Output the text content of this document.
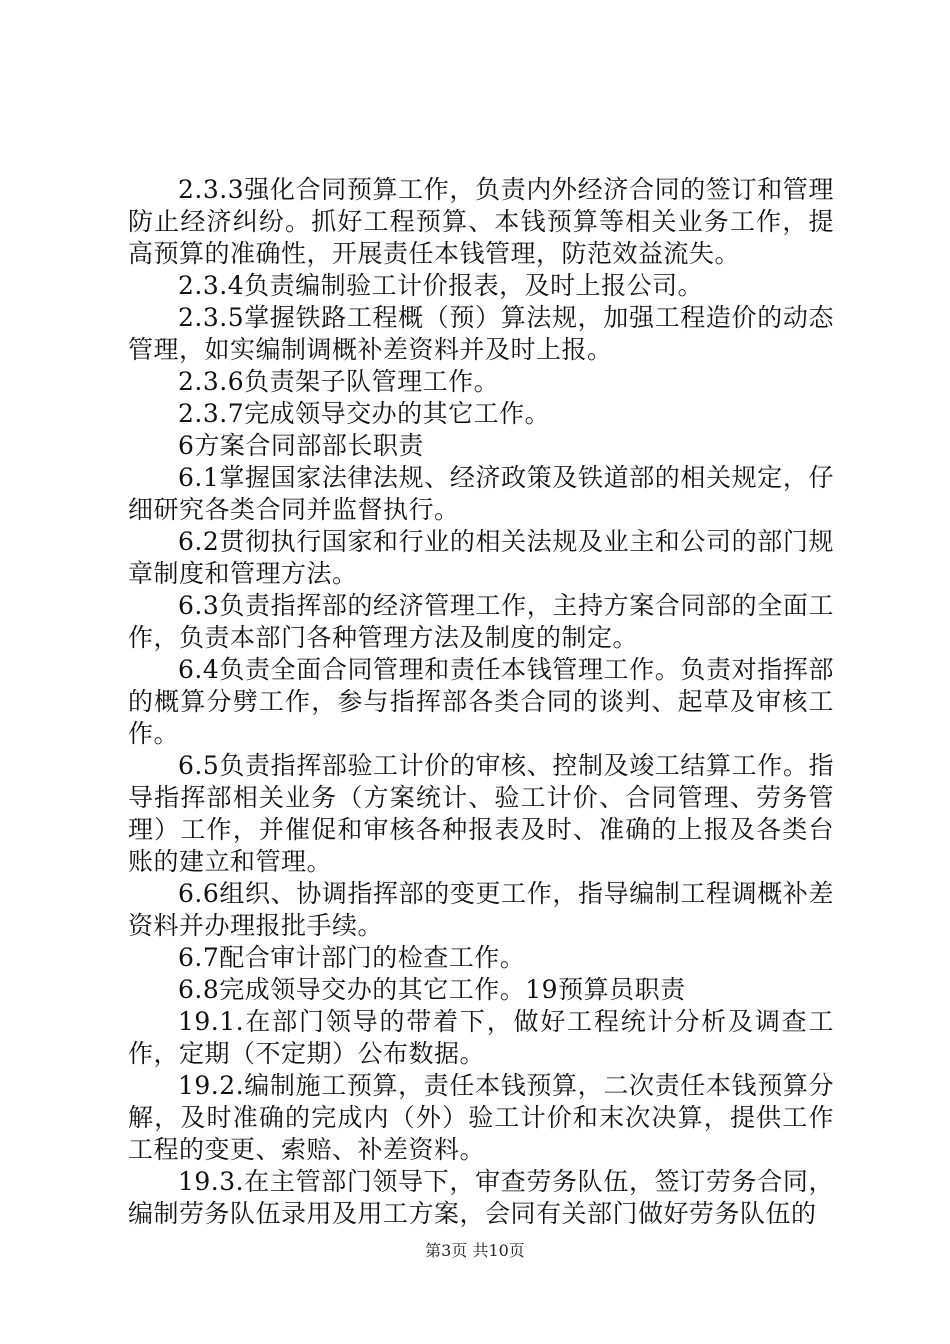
2.3.3强化合同预算工作，负责内外经济合同的签订和管理防止经济纠纷。抓好工程预算、本钱预算等相关业务工作，提高预算的准确性，开展责任本钱管理，防范效益流失。

2.3.4负责编制验工计价报表，及时上报公司。

2.3.5掌握铁路工程概（预）算法规，加强工程造价的动态管理，如实编制调概补差资料并及时上报。

2.3.6负责架子队管理工作。

2.3.7完成领导交办的其它工作。

6方案合同部部长职责

6.1掌握国家法律法规、经济政策及铁道部的相关规定，仔细研究各类合同并监督执行。

6.2贯彻执行国家和行业的相关法规及业主和公司的部门规章制度和管理方法。

6.3负责指挥部的经济管理工作，主持方案合同部的全面工作，负责本部门各种管理方法及制度的制定。

6.4负责全面合同管理和责任本钱管理工作。负责对指挥部的概算分劈工作，参与指挥部各类合同的谈判、起草及审核工作。

6.5负责指挥部验工计价的审核、控制及竣工结算工作。指导指挥部相关业务（方案统计、验工计价、合同管理、劳务管理）工作，并催促和审核各种报表及时、准确的上报及各类台账的建立和管理。

6.6组织、协调指挥部的变更工作，指导编制工程调概补差资料并办理报批手续。

6.7配合审计部门的检查工作。

6.8完成领导交办的其它工作。19预算员职责

19.1.在部门领导的带着下，做好工程统计分析及调查工作，定期（不定期）公布数据。

19.2.编制施工预算，责任本钱预算，二次责任本钱预算分解，及时准确的完成内（外）验工计价和末次决算，提供工作工程的变更、索赔、补差资料。

19.3.在主管部门领导下，审查劳务队伍，签订劳务合同，编制劳务队伍录用及用工方案，会同有关部门做好劳务队伍的

第3页 共10页
